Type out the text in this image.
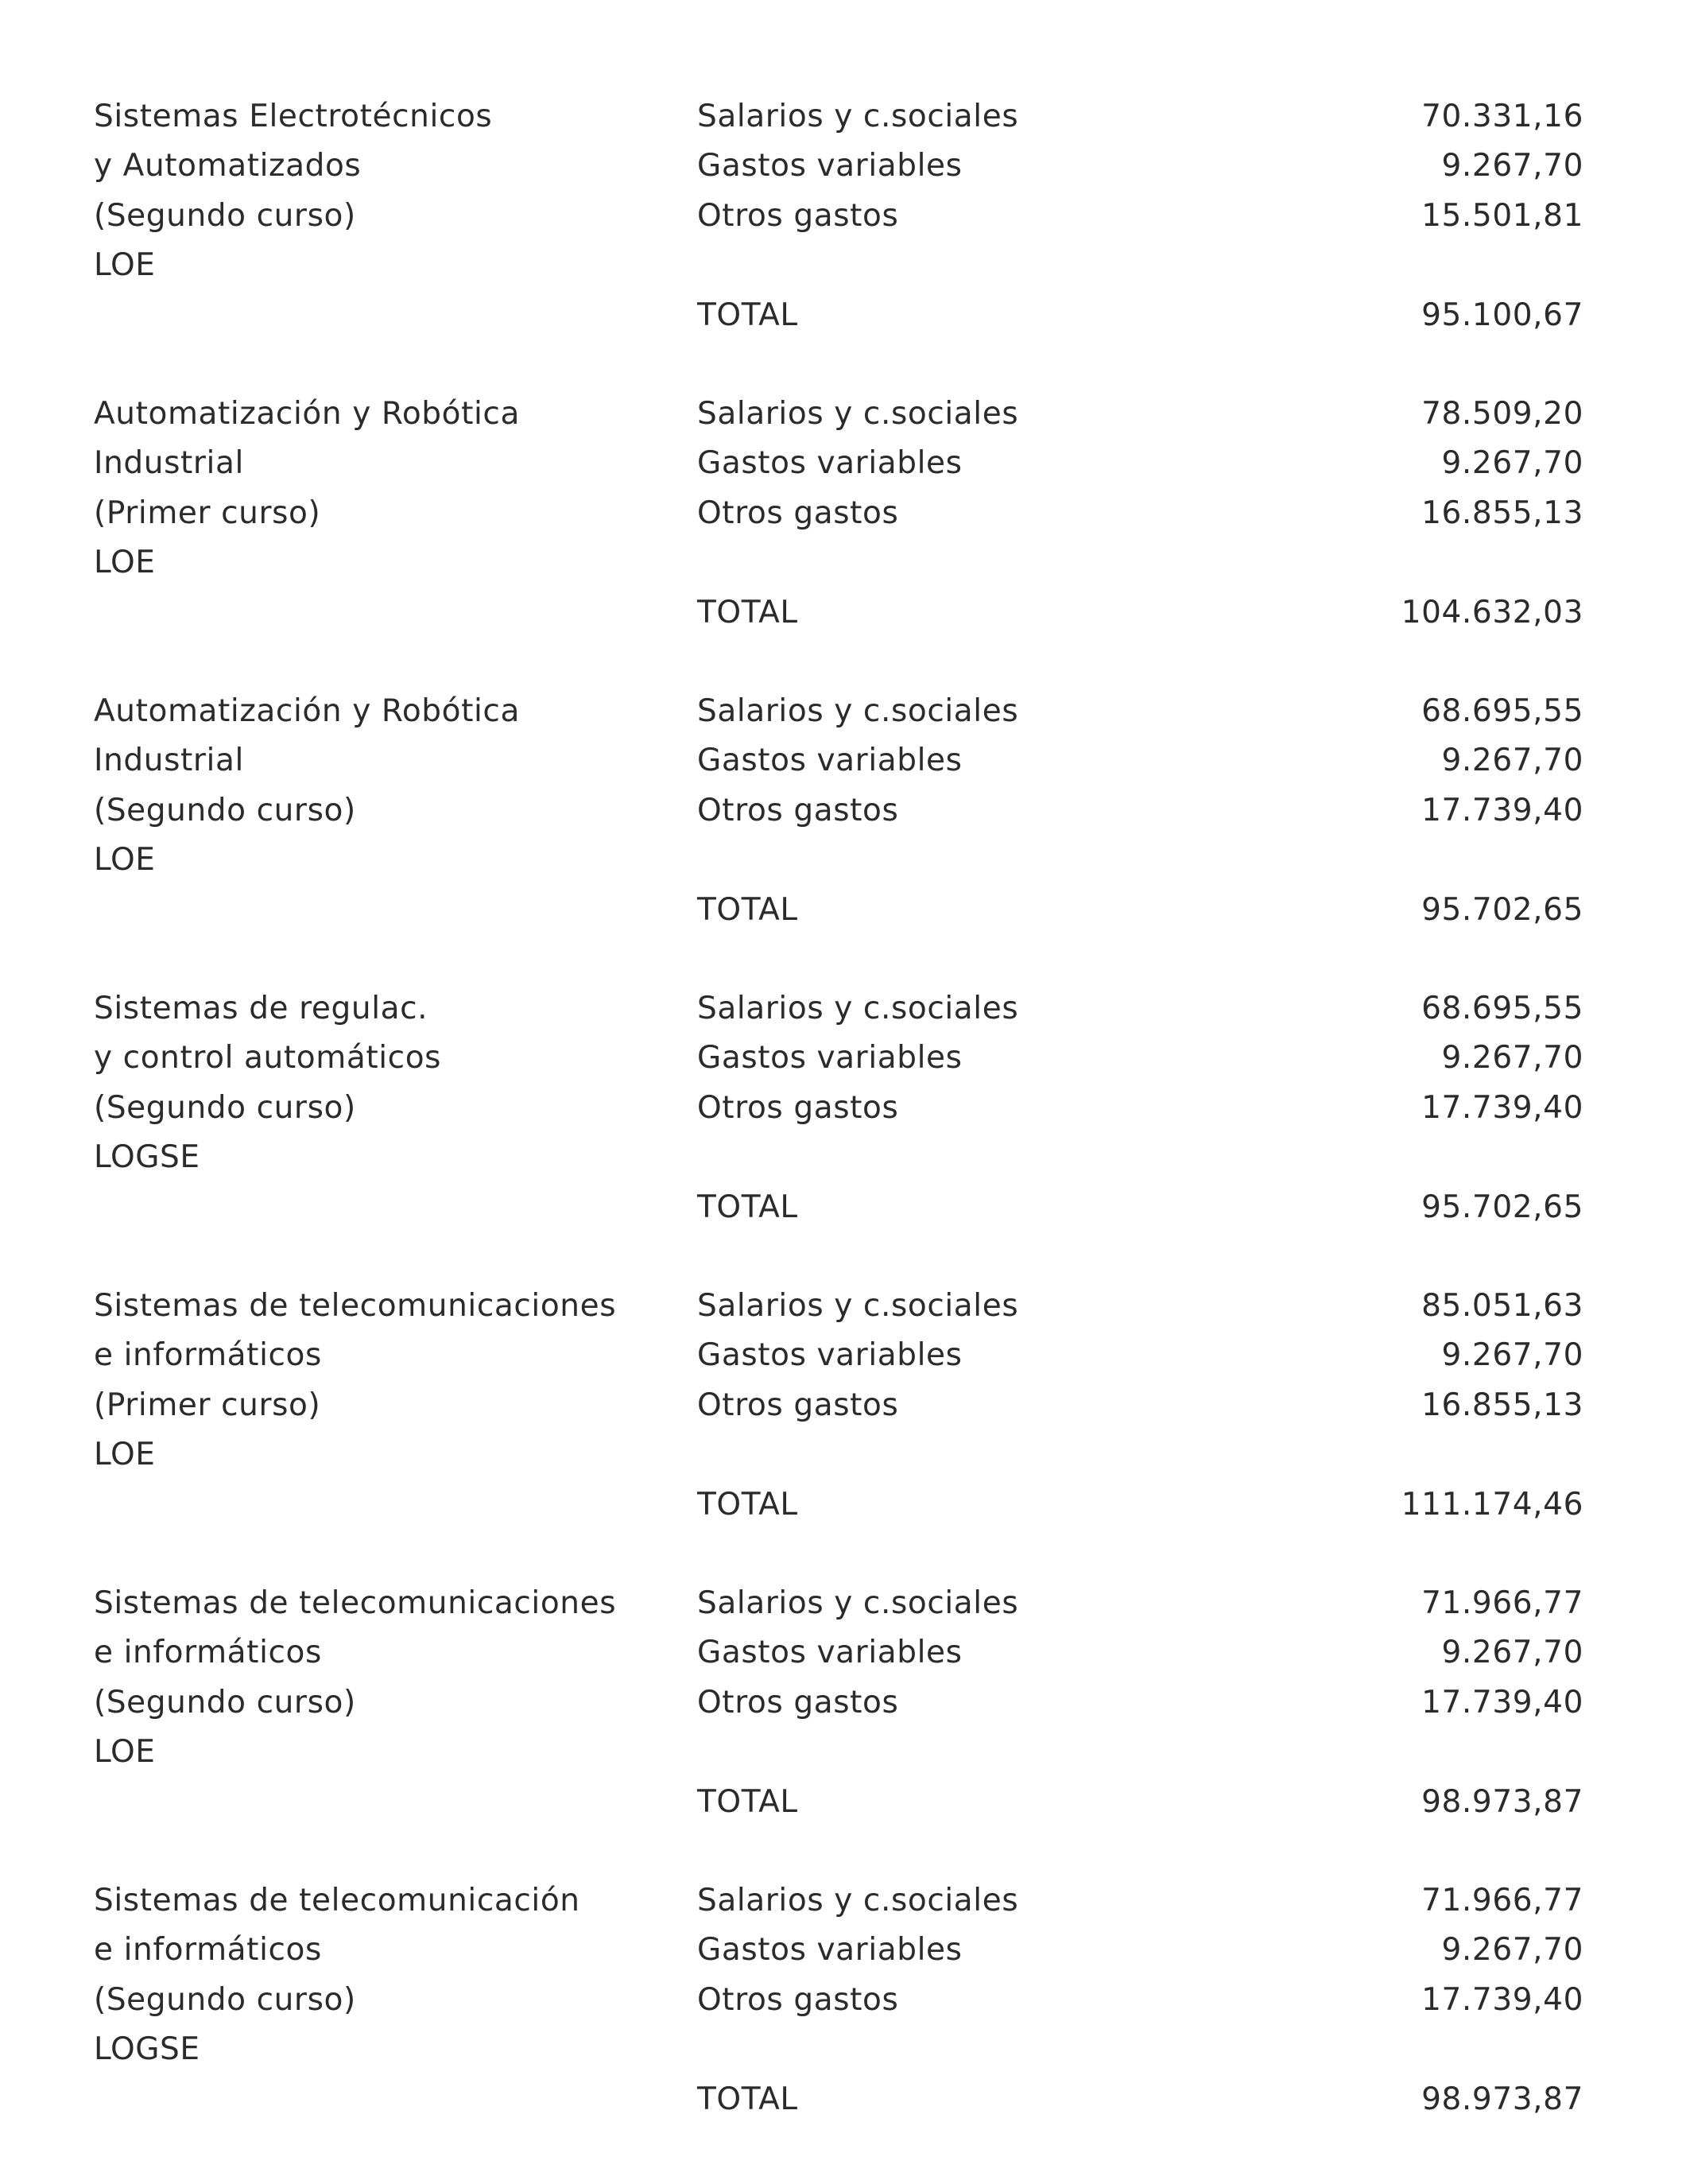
Sistemas Electrotécnicos
y Automatizados
(Segundo curso)
LOE
Salarios y c.sociales	70.331,16
Gastos variables	9.267,70
Otros gastos	15.501,81
TOTAL	95.100,67
Automatización y Robótica
Industrial
(Primer curso)
LOE
Salarios y c.sociales	78.509,20
Gastos variables	9.267,70
Otros gastos	16.855,13
TOTAL	104.632,03
Automatización y Robótica
Industrial
(Segundo curso)
LOE
Salarios y c.sociales	68.695,55
Gastos variables	9.267,70
Otros gastos	17.739,40
TOTAL	95.702,65
Sistemas de regulac.
y control automáticos
(Segundo curso)
LOGSE
Salarios y c.sociales	68.695,55
Gastos variables	9.267,70
Otros gastos	17.739,40
TOTAL	95.702,65
Sistemas de telecomunicaciones
e informáticos
(Primer curso)
LOE
Salarios y c.sociales	85.051,63
Gastos variables	9.267,70
Otros gastos	16.855,13
TOTAL	111.174,46
Sistemas de telecomunicaciones
e informáticos
(Segundo curso)
LOE
Salarios y c.sociales	71.966,77
Gastos variables	9.267,70
Otros gastos	17.739,40
TOTAL	98.973,87
Sistemas de telecomunicación
e informáticos
(Segundo curso)
LOGSE
Salarios y c.sociales	71.966,77
Gastos variables	9.267,70
Otros gastos	17.739,40
TOTAL	98.973,87
